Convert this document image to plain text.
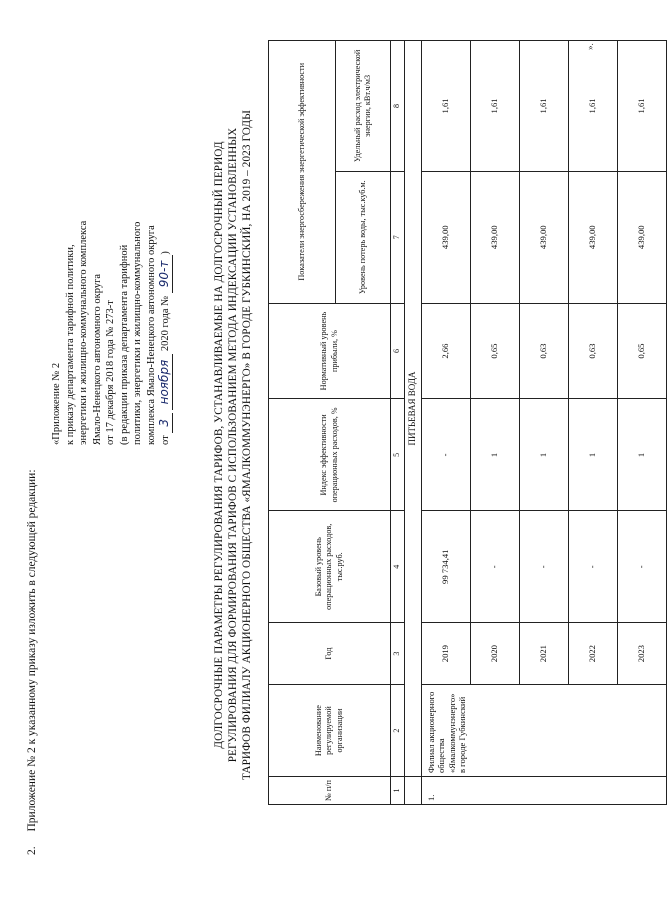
2. Приложение № 2 к указанному приказу изложить в следующей редакции:
«Приложение № 2 к приказу департамента тарифной политики, энергетики и жилищно-коммунального комплекса Ямало-Ненецкого автономного округа от 17 декабря 2018 года № 273-т (в редакции приказа департамента тарифной политики, энергетики и жилищно-коммунального комплекса Ямало-Ненецкого автономного округа от 3 ноября 2020 года № 90-т)	ДОЛГОСРОЧНЫЕ ПАРАМЕТРЫ РЕГУЛИРОВАНИЯ ТАРИФОВ, УСТАНАВЛИВАЕМЫЕ НА ДОЛГОСРОЧНЫЙ ПЕРИОД РЕГУЛИРОВАНИЯ ДЛЯ ФОРМИРОВАНИЯ ТАРИФОВ С ИСПОЛЬЗОВАНИЕМ МЕТОДА ИНДЕКСАЦИИ УСТАНОВЛЕННЫХ ТАРИФОВ ФИЛИАЛУ АКЦИОНЕРНОГО ОБЩЕСТВА «ЯМАЛКОММУНЭНЕРГО» В ГОРОДЕ ГУБКИНСКИЙ, НА 2019 – 2023 ГОДЫ
№ п/п	Наименование регулируемой организации	Год	Базовый уровень операционных расходов, тыс.руб.	Индекс эффективности операционных расходов, %	Нормативный уровень прибыли, %	Показатели энергосбережения энергетической эффективности	
						Уровень потерь воды, тыс.куб.м.	Удельный расход электрической энергии, кВт.ч/м3
1	2	3	4	5	6	7	8
	ПИТЬЕВАЯ ВОДА						
1.	Филиал акционерного общества «Ямалкоммунэнерго» в городе Губкинский	2019	99 734,41	-	2,66	439,00	1,61
		2020	-	1	0,65	439,00	1,61
		2021	-	1	0,63	439,00	1,61
		2022	-	1	0,63	439,00	1,61
		2023	-	1	0,65	439,00	1,61
».
